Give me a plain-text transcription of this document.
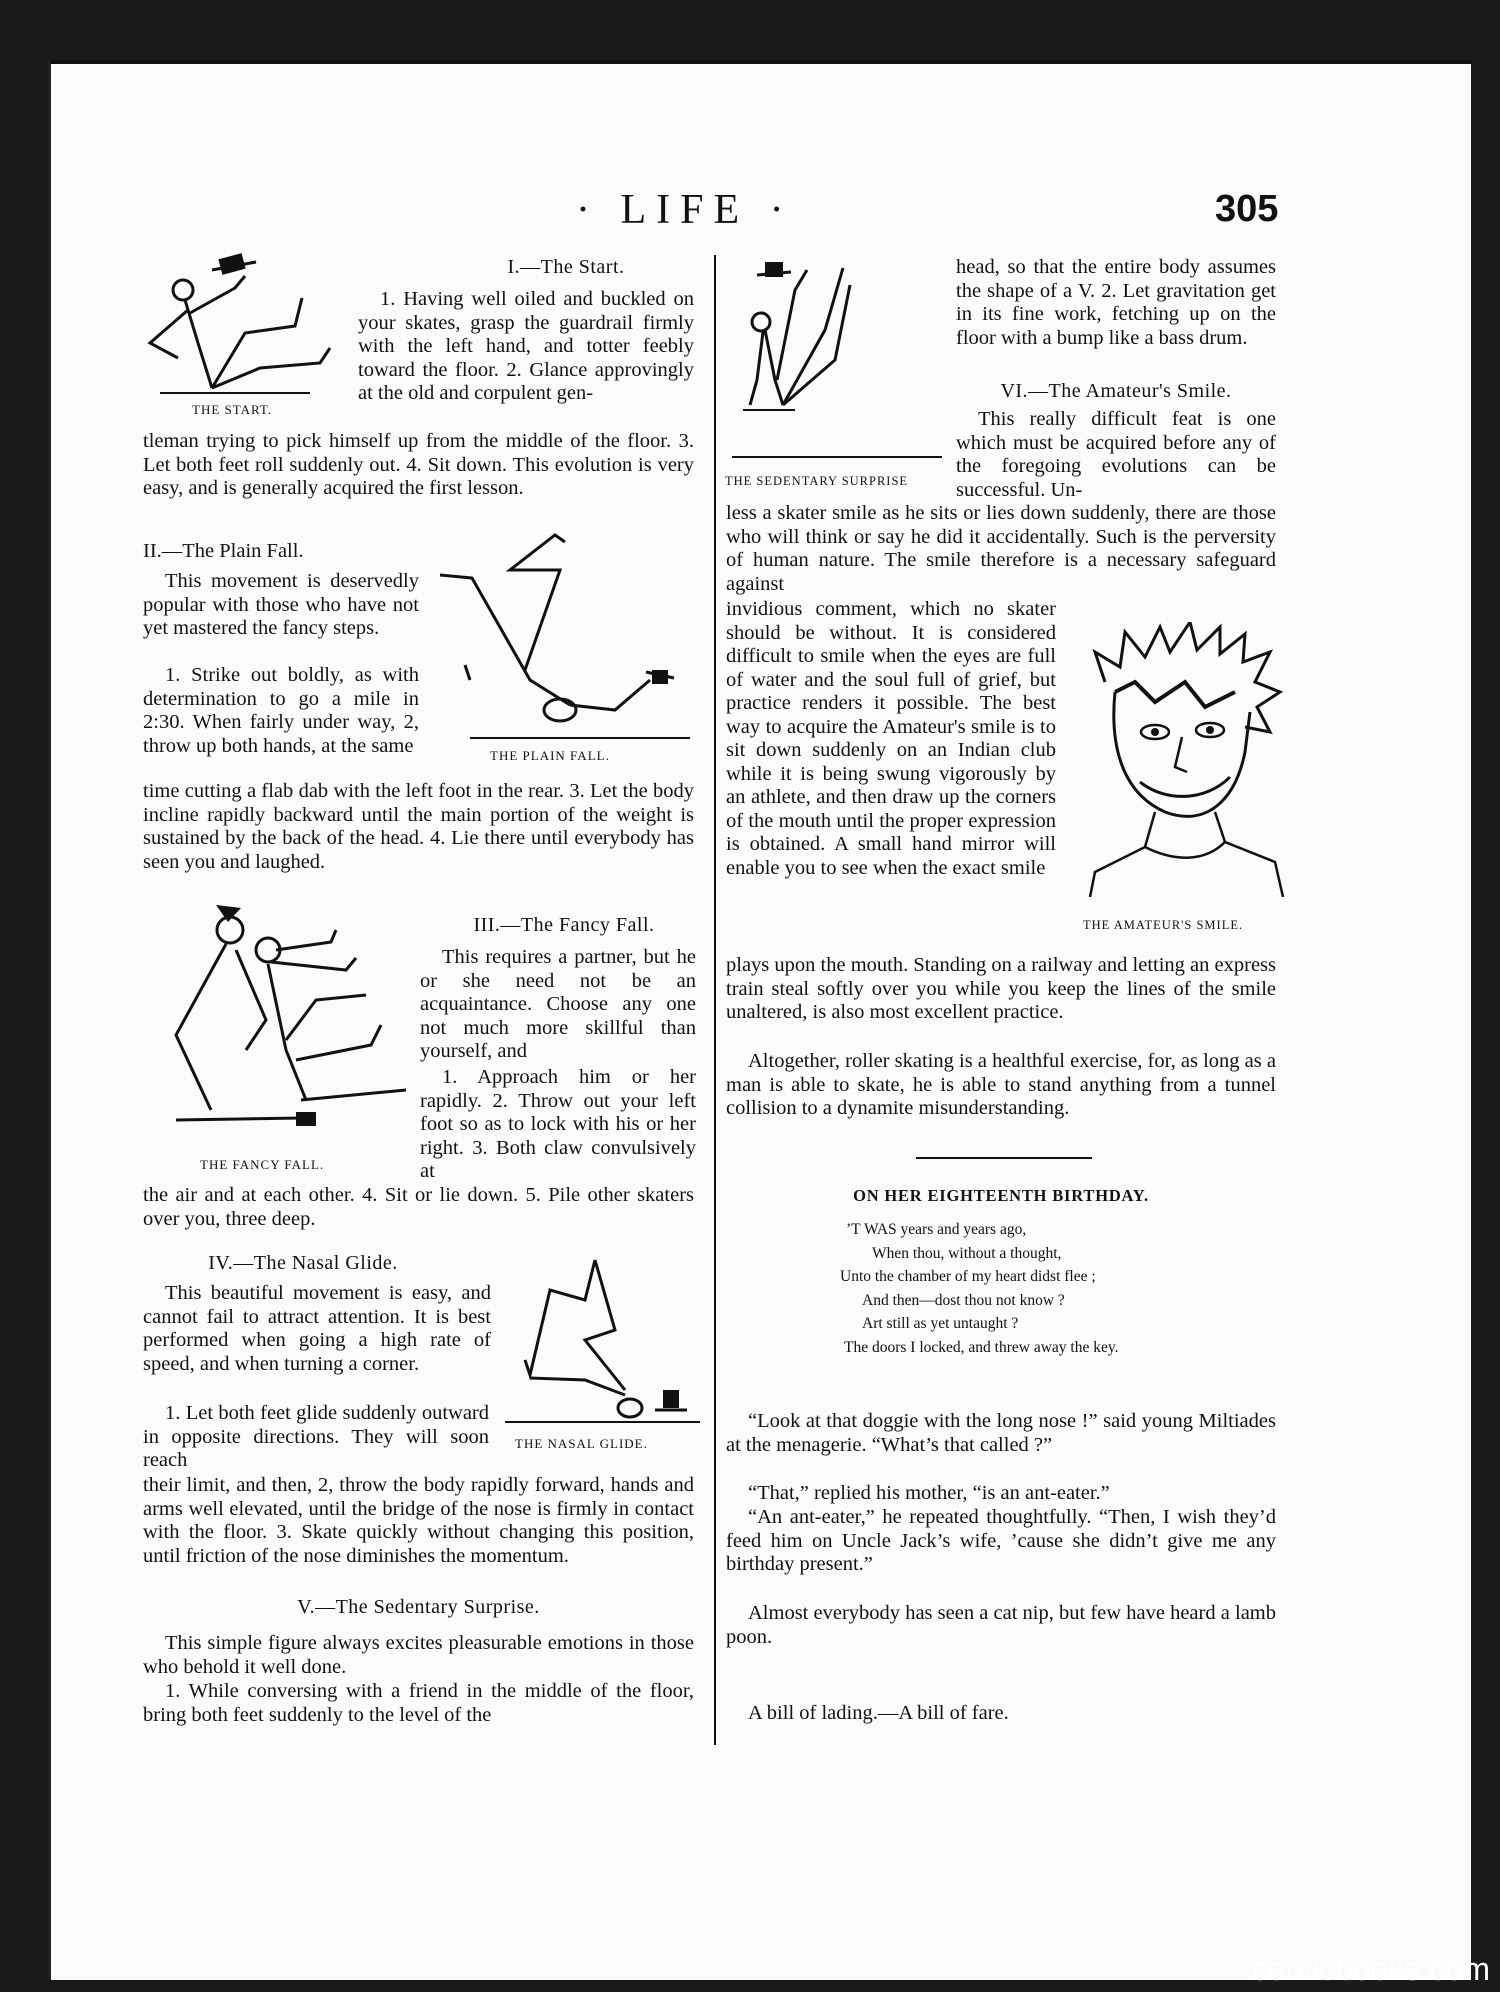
· LIFE ·	305
THE START.

I.—The Start.

1. Having well oiled and buckled on your skates, grasp the guardrail firmly with the left hand, and totter feebly toward the floor. 2. Glance approvingly at the old and corpulent gen-
tleman trying to pick himself up from the middle of the floor. 3. Let both feet roll suddenly out. 4. Sit down. This evolution is very easy, and is generally acquired the first lesson.

II.—The Plain Fall.

This movement is deservedly popular with those who have not yet mastered the fancy steps.
1. Strike out boldly, as with determination to go a mile in 2:30. When fairly under way, 2, throw up both hands, at the same	THE PLAIN FALL.
time cutting a flab dab with the left foot in the rear. 3. Let the body incline rapidly backward until the main portion of the weight is sustained by the back of the head. 4. Lie there until everybody has seen you and laughed.
THE FANCY FALL.

III.—The Fancy Fall.

This requires a partner, but he or she need not be an acquaintance. Choose any one not much more skillful than yourself, and
1. Approach him or her rapidly. 2. Throw out your left foot so as to lock with his or her right. 3. Both claw convulsively at
the air and at each other. 4. Sit or lie down. 5. Pile other skaters over you, three deep.

IV.—The Nasal Glide.

This beautiful movement is easy, and cannot fail to attract attention. It is best performed when going a high rate of speed, and when turning a corner.
1. Let both feet glide suddenly outward in opposite directions. They will soon reach
THE NASAL GLIDE.
their limit, and then, 2, throw the body rapidly forward, hands and arms well elevated, until the bridge of the nose is firmly in contact with the floor. 3. Skate quickly without changing this position, until friction of the nose diminishes the momentum.

V.—The Sedentary Surprise.

This simple figure always excites pleasurable emotions in those who behold it well done.
1. While conversing with a friend in the middle of the floor, bring both feet suddenly to the level of the
THE SEDENTARY SURPRISE
head, so that the entire body assumes the shape of a V. 2. Let gravitation get in its fine work, fetching up on the floor with a bump like a bass drum.

VI.—The Amateur's Smile.

This really difficult feat is one which must be acquired before any of the foregoing evolutions can be successful. Un-
less a skater smile as he sits or lies down suddenly, there are those who will think or say he did it accidentally. Such is the perversity of human nature. The smile therefore is a necessary safeguard against
invidious comment, which no skater should be without. It is considered difficult to smile when the eyes are full of water and the soul full of grief, but practice renders it possible. The best way to acquire the Amateur's smile is to sit down suddenly on an Indian club while it is being swung vigorously by an athlete, and then draw up the corners of the mouth until the proper expression is obtained. A small hand mirror will enable you to see when the exact smile
THE AMATEUR'S SMILE.
plays upon the mouth. Standing on a railway and letting an express train steal softly over you while you keep the lines of the smile unaltered, is also most excellent practice.
Altogether, roller skating is a healthful exercise, for, as long as a man is able to skate, he is able to stand anything from a tunnel collision to a dynamite misunderstanding.
ON HER EIGHTEENTH BIRTHDAY.
’T WAS years and years ago,
When thou, without a thought,
Unto the chamber of my heart didst flee ;
And then—dost thou not know ?
Art still as yet untaught ?
The doors I locked, and threw away the key.
“Look at that doggie with the long nose !” said young Miltiades at the menagerie. “What’s that called ?”
“That,” replied his mother, “is an ant-eater.”
“An ant-eater,” he repeated thoughtfully. “Then, I wish they’d feed him on Uncle Jack’s wife, ’cause she didn’t give me any birthday present.”
Almost everybody has seen a cat nip, but few have heard a lamb poon.
A bill of lading.—A bill of fare.
comicbooks.com
